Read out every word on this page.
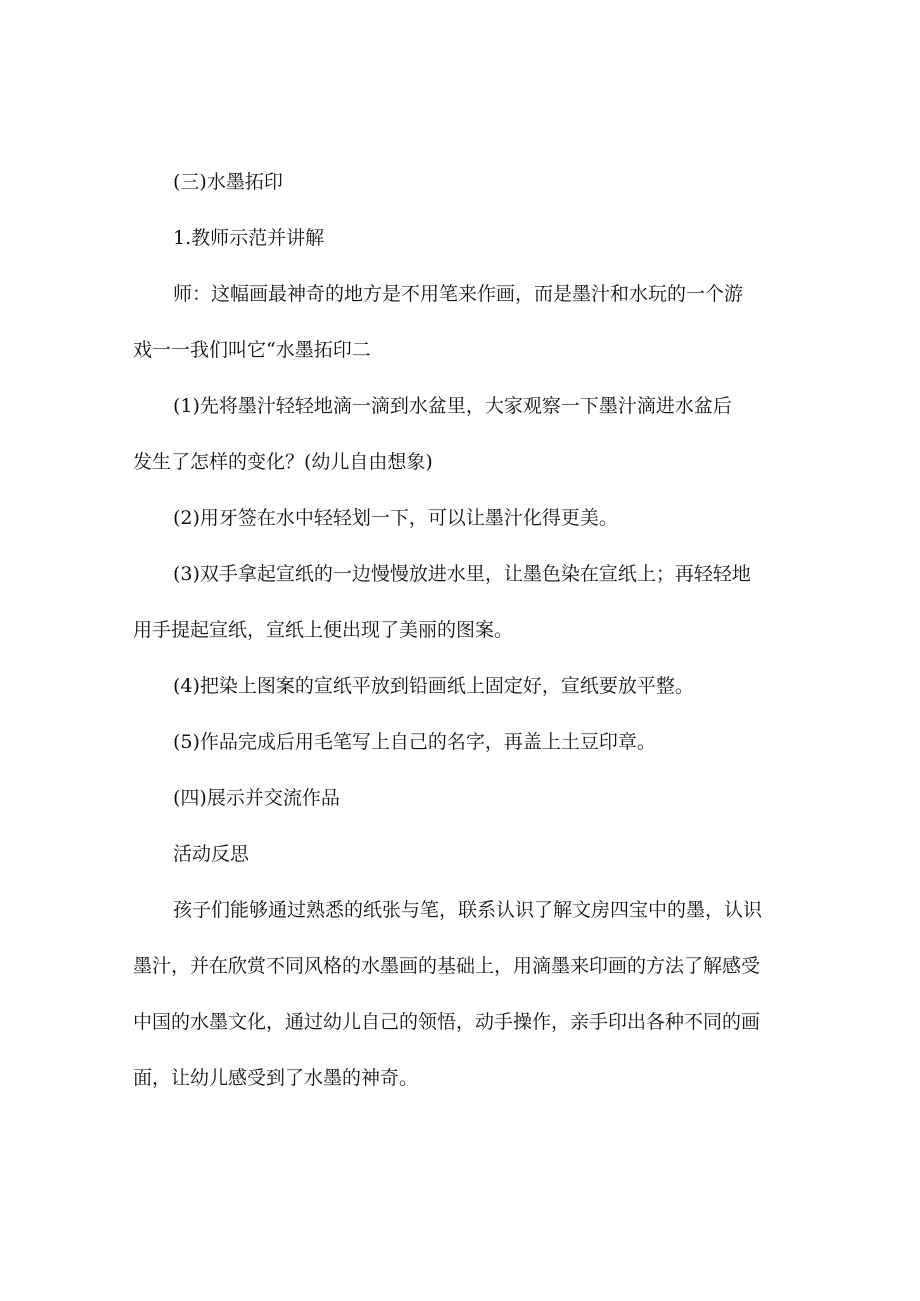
(三)水墨拓印

1.教师示范并讲解

师：这幅画最神奇的地方是不用笔来作画，而是墨汁和水玩的一个游
戏一一我们叫它“水墨拓印二
(1)先将墨汁轻轻地滴一滴到水盆里，大家观察一下墨汁滴进水盆后
发生了怎样的变化？(幼儿自由想象)

(2)用牙签在水中轻轻划一下，可以让墨汁化得更美。

(3)双手拿起宣纸的一边慢慢放进水里，让墨色染在宣纸上；再轻轻地
用手提起宣纸，宣纸上便出现了美丽的图案。

(4)把染上图案的宣纸平放到铅画纸上固定好，宣纸要放平整。

(5)作品完成后用毛笔写上自己的名字，再盖上土豆印章。

(四)展示并交流作品

活动反思

孩子们能够通过熟悉的纸张与笔，联系认识了解文房四宝中的墨，认识
墨汁，并在欣赏不同风格的水墨画的基础上，用滴墨来印画的方法了解感受
中国的水墨文化，通过幼儿自己的领悟，动手操作，亲手印出各种不同的画
面，让幼儿感受到了水墨的神奇。
